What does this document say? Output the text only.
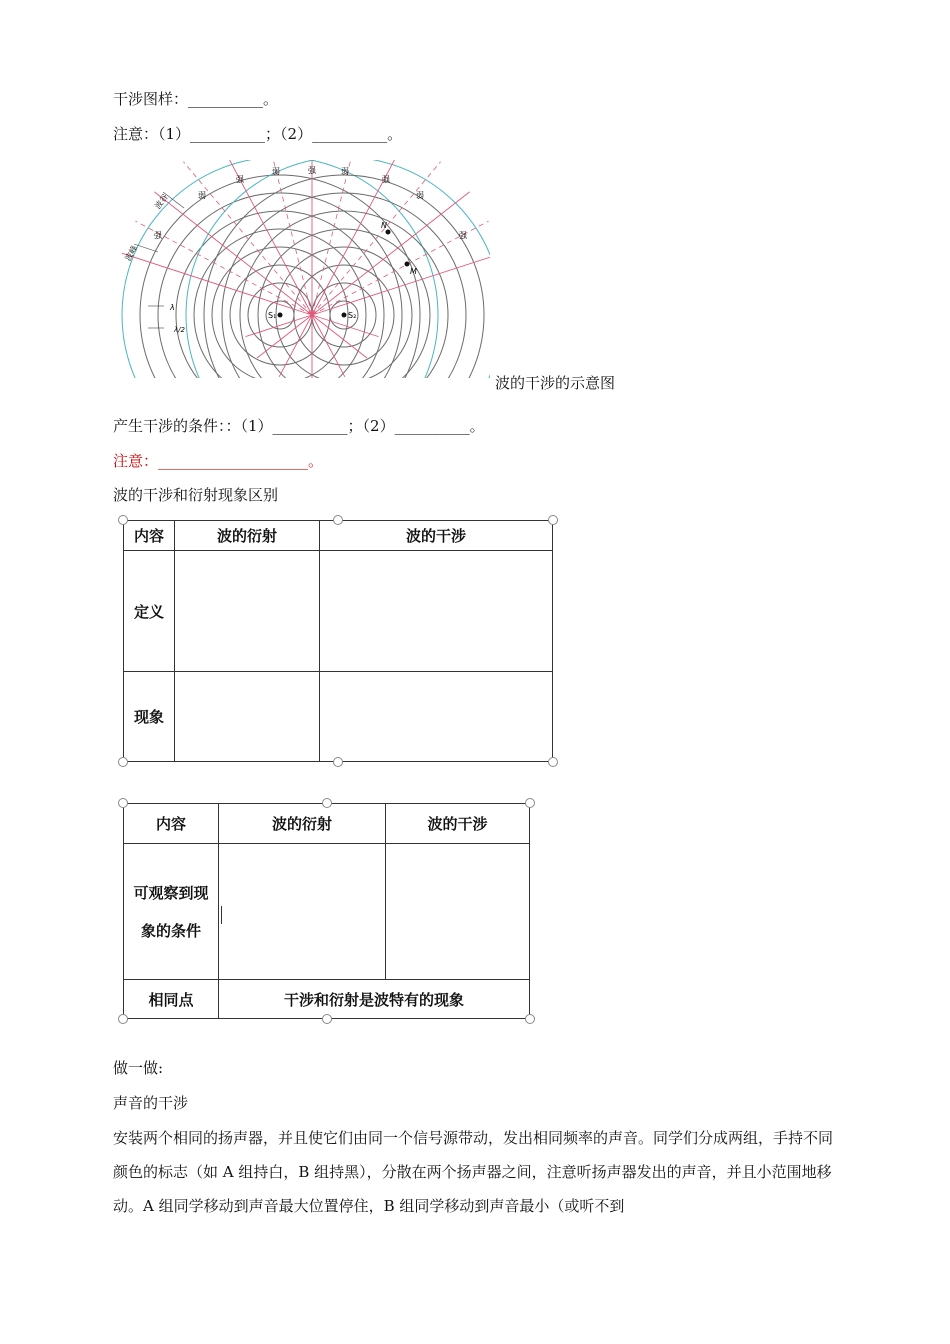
干涉图样：__________。
注意：（1）__________；（2）__________。
S₁	S₂
N
M
强
弱	强	弱
强
弱
弱
强	强
波谷
波峰
λ
λ/2
波的干涉的示意图
产生干涉的条件：：（1）__________；（2）__________。
注意：____________________。
波的干涉和衍射现象区别
内容	波的衍射	波的干涉
定义		
现象		
内容	波的衍射	波的干涉
可观察到现象的条件		
相同点	干涉和衍射是波特有的现象	
做一做:
声音的干涉
安装两个相同的扬声器，并且使它们由同一个信号源带动，发出相同频率的声音。同学们分成两组，手持不同颜色的标志（如 A 组持白，B 组持黑），分散在两个扬声器之间，注意听扬声器发出的声音，并且小范围地移动。A 组同学移动到声音最大位置停住，B 组同学移动到声音最小（或听不到
